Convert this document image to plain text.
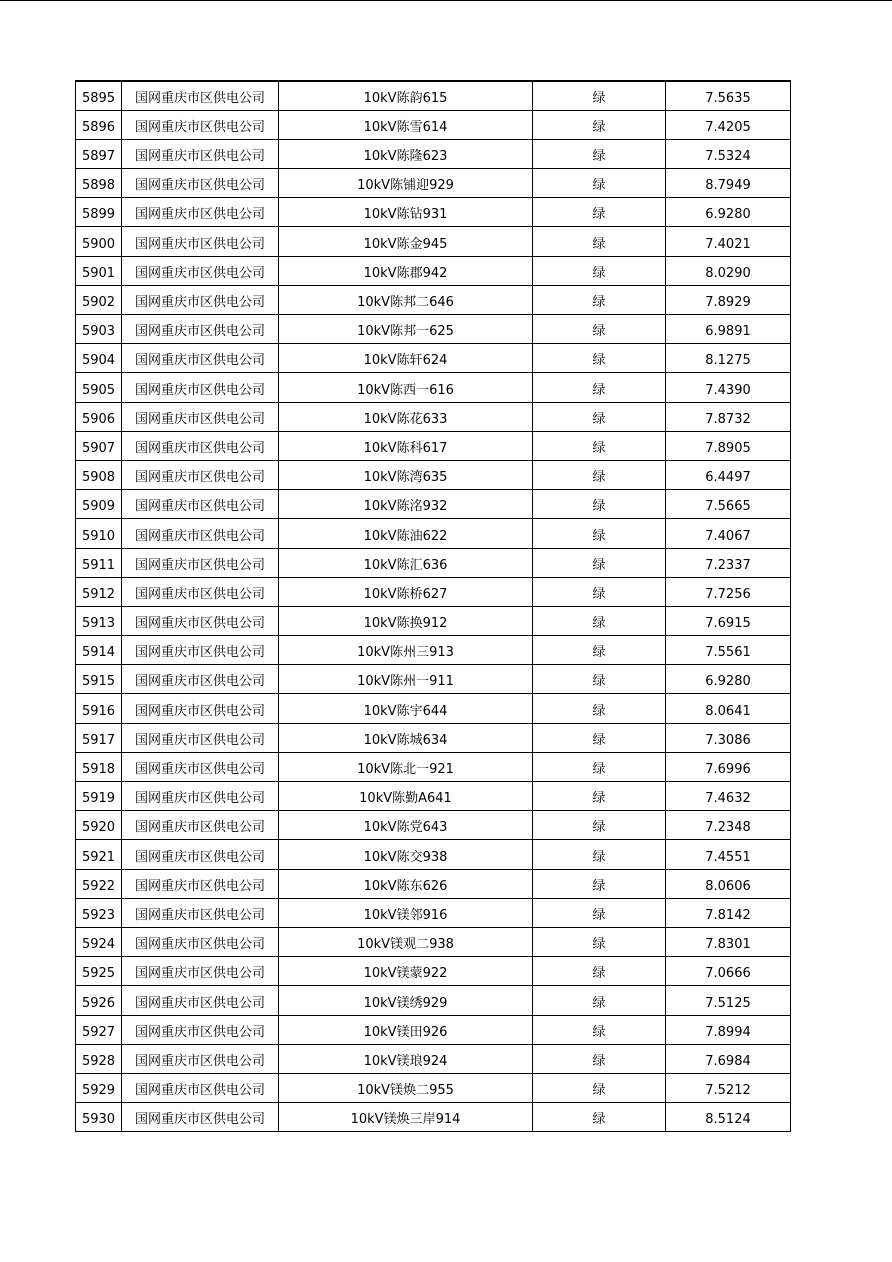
5895	国网重庆市区供电公司	10kV陈韵615	绿	7.5635
5896	国网重庆市区供电公司	10kV陈雪614	绿	7.4205
5897	国网重庆市区供电公司	10kV陈隆623	绿	7.5324
5898	国网重庆市区供电公司	10kV陈铺迎929	绿	8.7949
5899	国网重庆市区供电公司	10kV陈钻931	绿	6.9280
5900	国网重庆市区供电公司	10kV陈金945	绿	7.4021
5901	国网重庆市区供电公司	10kV陈郡942	绿	8.0290
5902	国网重庆市区供电公司	10kV陈邦二646	绿	7.8929
5903	国网重庆市区供电公司	10kV陈邦一625	绿	6.9891
5904	国网重庆市区供电公司	10kV陈轩624	绿	8.1275
5905	国网重庆市区供电公司	10kV陈西一616	绿	7.4390
5906	国网重庆市区供电公司	10kV陈花633	绿	7.8732
5907	国网重庆市区供电公司	10kV陈科617	绿	7.8905
5908	国网重庆市区供电公司	10kV陈湾635	绿	6.4497
5909	国网重庆市区供电公司	10kV陈洺932	绿	7.5665
5910	国网重庆市区供电公司	10kV陈油622	绿	7.4067
5911	国网重庆市区供电公司	10kV陈汇636	绿	7.2337
5912	国网重庆市区供电公司	10kV陈桥627	绿	7.7256
5913	国网重庆市区供电公司	10kV陈换912	绿	7.6915
5914	国网重庆市区供电公司	10kV陈州三913	绿	7.5561
5915	国网重庆市区供电公司	10kV陈州一911	绿	6.9280
5916	国网重庆市区供电公司	10kV陈宇644	绿	8.0641
5917	国网重庆市区供电公司	10kV陈城634	绿	7.3086
5918	国网重庆市区供电公司	10kV陈北一921	绿	7.6996
5919	国网重庆市区供电公司	10kV陈勤A641	绿	7.4632
5920	国网重庆市区供电公司	10kV陈党643	绿	7.2348
5921	国网重庆市区供电公司	10kV陈交938	绿	7.4551
5922	国网重庆市区供电公司	10kV陈东626	绿	8.0606
5923	国网重庆市区供电公司	10kV镁邻916	绿	7.8142
5924	国网重庆市区供电公司	10kV镁观二938	绿	7.8301
5925	国网重庆市区供电公司	10kV镁蒙922	绿	7.0666
5926	国网重庆市区供电公司	10kV镁绣929	绿	7.5125
5927	国网重庆市区供电公司	10kV镁田926	绿	7.8994
5928	国网重庆市区供电公司	10kV镁琅924	绿	7.6984
5929	国网重庆市区供电公司	10kV镁焕二955	绿	7.5212
5930	国网重庆市区供电公司	10kV镁焕三岸914	绿	8.5124
